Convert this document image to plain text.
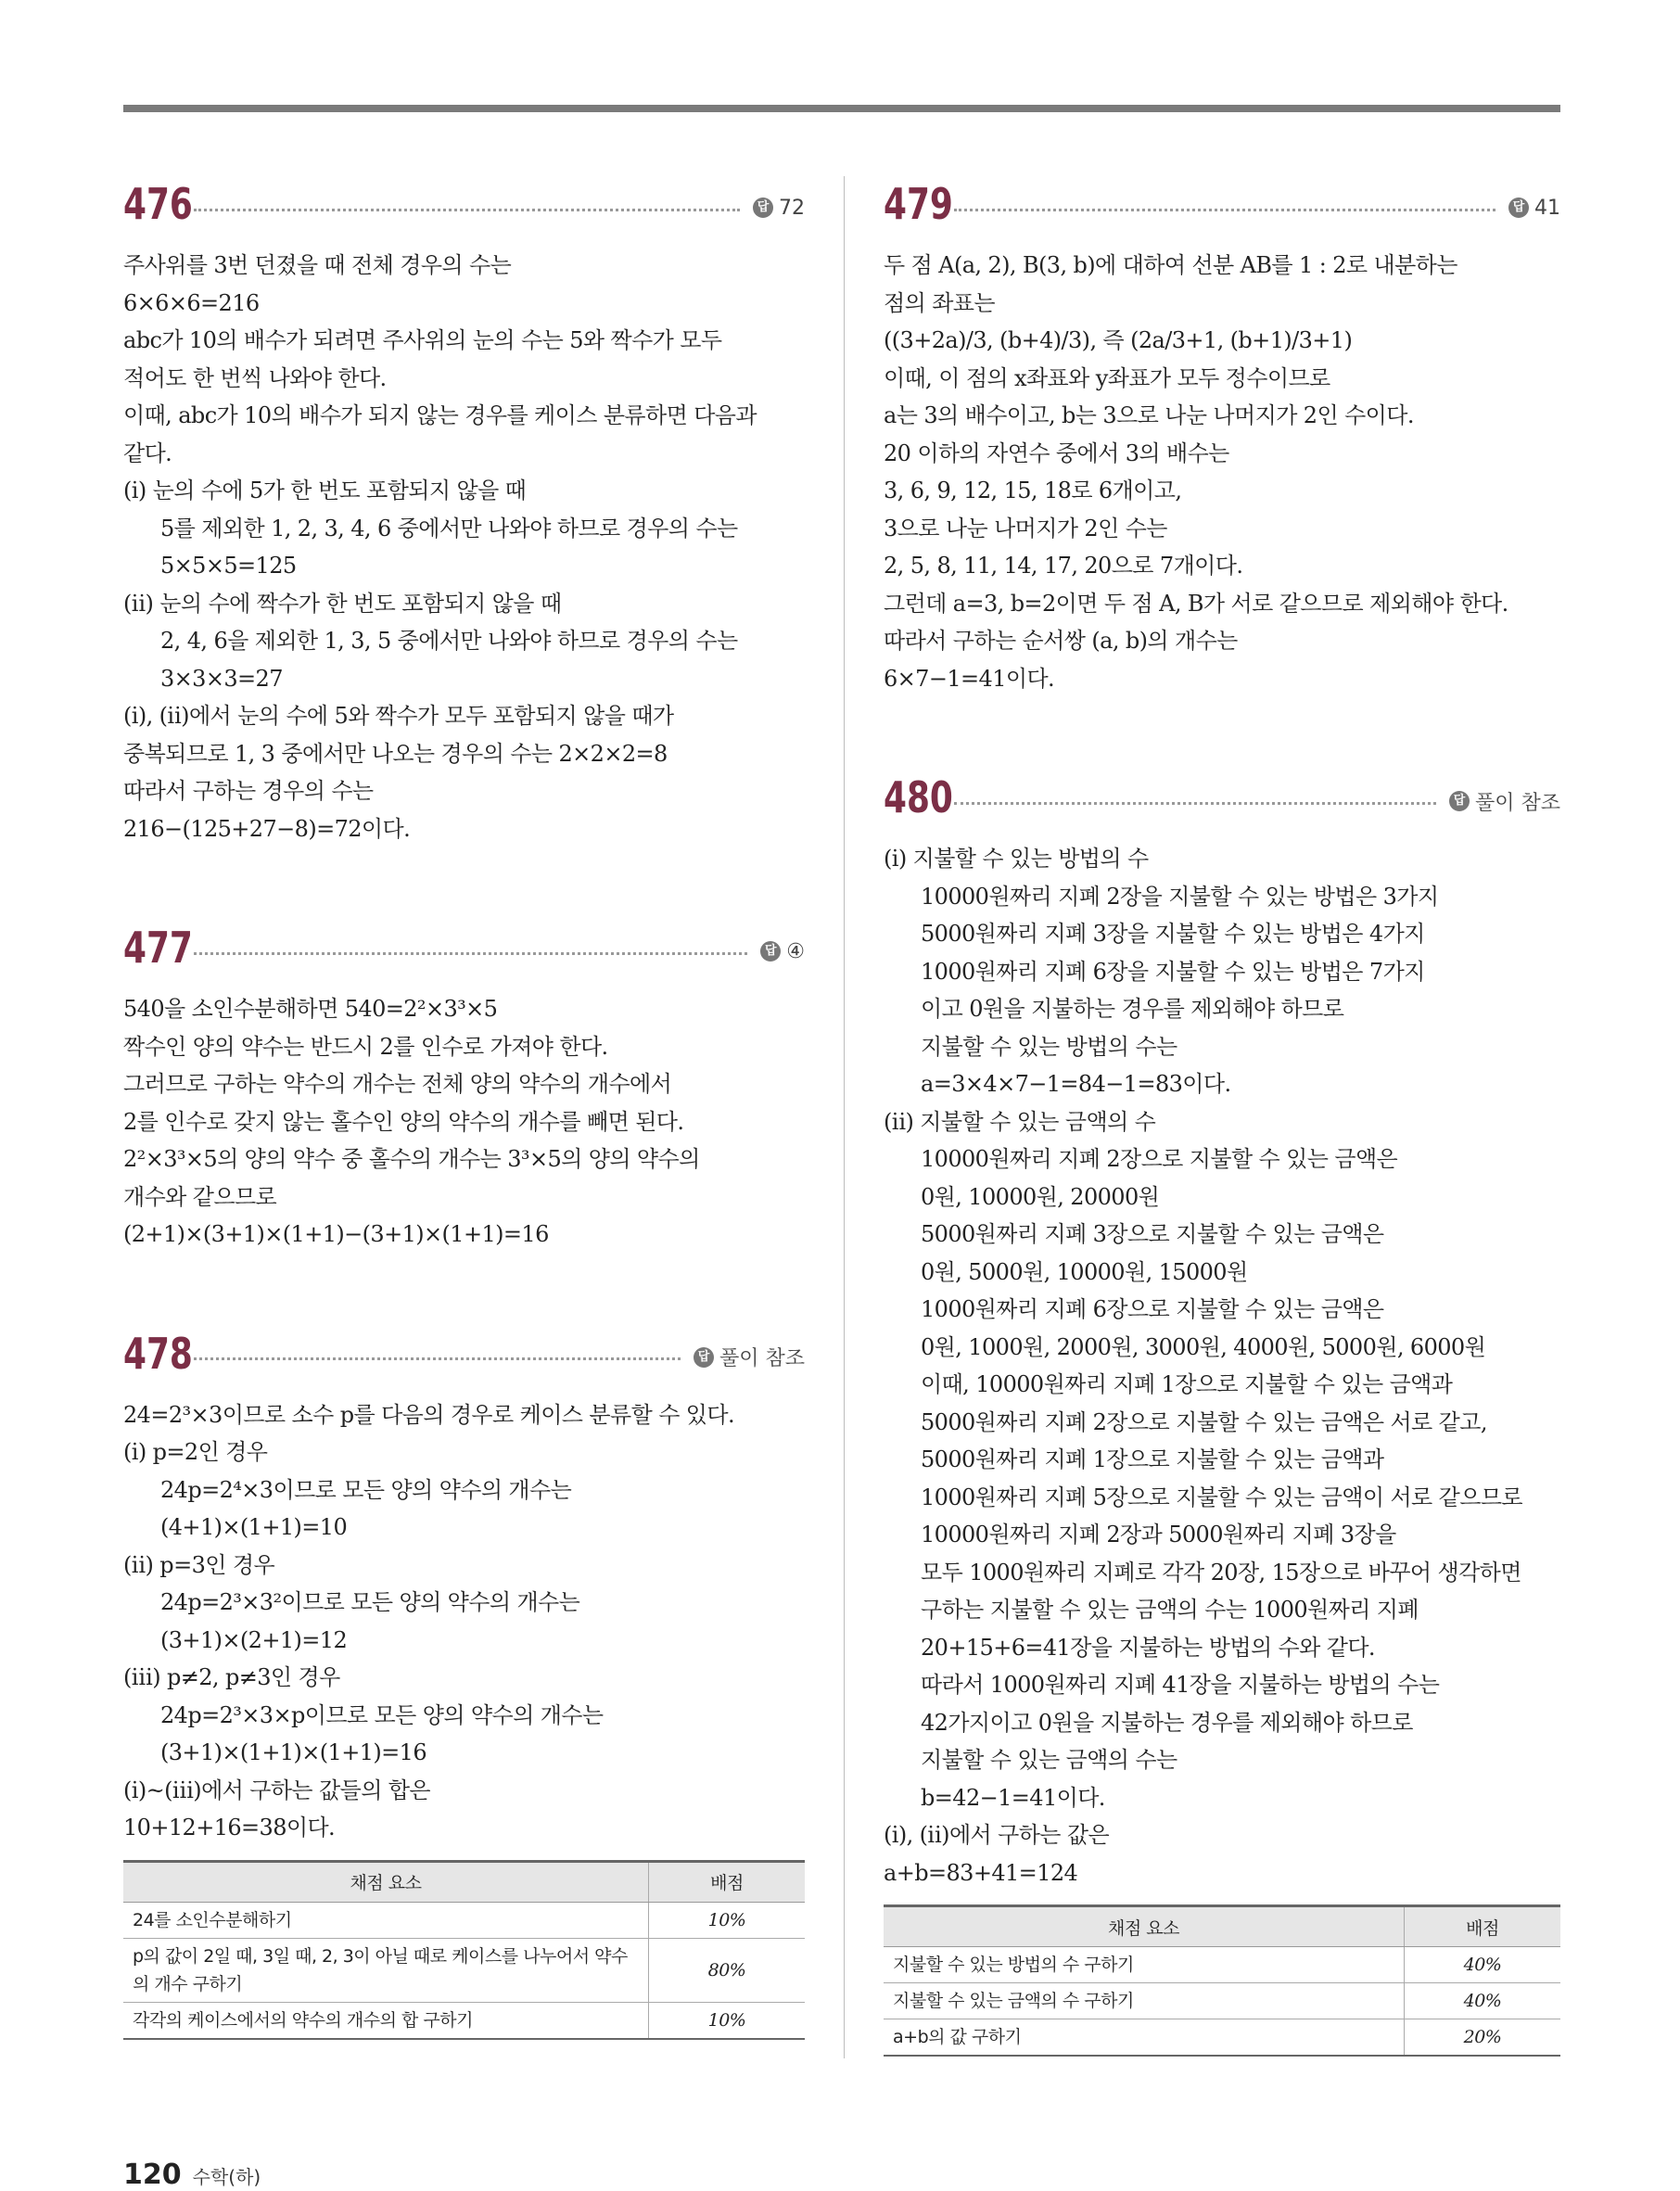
476	답 72
주사위를 3번 던졌을 때 전체 경우의 수는
6×6×6=216
abc가 10의 배수가 되려면 주사위의 눈의 수는 5와 짝수가 모두
적어도 한 번씩 나와야 한다.
이때, abc가 10의 배수가 되지 않는 경우를 케이스 분류하면 다음과
같다.
(ⅰ) 눈의 수에 5가 한 번도 포함되지 않을 때
5를 제외한 1, 2, 3, 4, 6 중에서만 나와야 하므로 경우의 수는
5×5×5=125
(ⅱ) 눈의 수에 짝수가 한 번도 포함되지 않을 때
2, 4, 6을 제외한 1, 3, 5 중에서만 나와야 하므로 경우의 수는
3×3×3=27
(ⅰ), (ⅱ)에서 눈의 수에 5와 짝수가 모두 포함되지 않을 때가
중복되므로 1, 3 중에서만 나오는 경우의 수는 2×2×2=8
따라서 구하는 경우의 수는
216−(125+27−8)=72이다.
477	답 ④
540을 소인수분해하면 540=2²×3³×5
짝수인 양의 약수는 반드시 2를 인수로 가져야 한다.
그러므로 구하는 약수의 개수는 전체 양의 약수의 개수에서
2를 인수로 갖지 않는 홀수인 양의 약수의 개수를 빼면 된다.
2²×3³×5의 양의 약수 중 홀수의 개수는 3³×5의 양의 약수의
개수와 같으므로
(2+1)×(3+1)×(1+1)−(3+1)×(1+1)=16
478	답 풀이 참조
24=2³×3이므로 소수 p를 다음의 경우로 케이스 분류할 수 있다.
(ⅰ) p=2인 경우
24p=2⁴×3이므로 모든 양의 약수의 개수는
(4+1)×(1+1)=10
(ⅱ) p=3인 경우
24p=2³×3²이므로 모든 양의 약수의 개수는
(3+1)×(2+1)=12
(ⅲ) p≠2, p≠3인 경우
24p=2³×3×p이므로 모든 양의 약수의 개수는
(3+1)×(1+1)×(1+1)=16
(ⅰ)~(ⅲ)에서 구하는 값들의 합은
10+12+16=38이다.
채점 요소	배점
24를 소인수분해하기	10%
p의 값이 2일 때, 3일 때, 2, 3이 아닐 때로 케이스를 나누어서 약수의 개수 구하기	80%
각각의 케이스에서의 약수의 개수의 합 구하기	10%
479	답 41
두 점 A(a, 2), B(3, b)에 대하여 선분 AB를 1 : 2로 내분하는
점의 좌표는
((3+2a)/3, (b+4)/3), 즉 (2a/3+1, (b+1)/3+1)
이때, 이 점의 x좌표와 y좌표가 모두 정수이므로
a는 3의 배수이고, b는 3으로 나눈 나머지가 2인 수이다.
20 이하의 자연수 중에서 3의 배수는
3, 6, 9, 12, 15, 18로 6개이고,
3으로 나눈 나머지가 2인 수는
2, 5, 8, 11, 14, 17, 20으로 7개이다.
그런데 a=3, b=2이면 두 점 A, B가 서로 같으므로 제외해야 한다.
따라서 구하는 순서쌍 (a, b)의 개수는
6×7−1=41이다.
480	답 풀이 참조
(ⅰ) 지불할 수 있는 방법의 수
10000원짜리 지폐 2장을 지불할 수 있는 방법은 3가지
5000원짜리 지폐 3장을 지불할 수 있는 방법은 4가지
1000원짜리 지폐 6장을 지불할 수 있는 방법은 7가지
이고 0원을 지불하는 경우를 제외해야 하므로
지불할 수 있는 방법의 수는
a=3×4×7−1=84−1=83이다.
(ⅱ) 지불할 수 있는 금액의 수
10000원짜리 지폐 2장으로 지불할 수 있는 금액은
0원, 10000원, 20000원
5000원짜리 지폐 3장으로 지불할 수 있는 금액은
0원, 5000원, 10000원, 15000원
1000원짜리 지폐 6장으로 지불할 수 있는 금액은
0원, 1000원, 2000원, 3000원, 4000원, 5000원, 6000원
이때, 10000원짜리 지폐 1장으로 지불할 수 있는 금액과
5000원짜리 지폐 2장으로 지불할 수 있는 금액은 서로 같고,
5000원짜리 지폐 1장으로 지불할 수 있는 금액과
1000원짜리 지폐 5장으로 지불할 수 있는 금액이 서로 같으므로
10000원짜리 지폐 2장과 5000원짜리 지폐 3장을
모두 1000원짜리 지폐로 각각 20장, 15장으로 바꾸어 생각하면
구하는 지불할 수 있는 금액의 수는 1000원짜리 지폐
20+15+6=41장을 지불하는 방법의 수와 같다.
따라서 1000원짜리 지폐 41장을 지불하는 방법의 수는
42가지이고 0원을 지불하는 경우를 제외해야 하므로
지불할 수 있는 금액의 수는
b=42−1=41이다.
(ⅰ), (ⅱ)에서 구하는 값은
a+b=83+41=124
채점 요소	배점
지불할 수 있는 방법의 수 구하기	40%
지불할 수 있는 금액의 수 구하기	40%
a+b의 값 구하기	20%
120 수학(하)
